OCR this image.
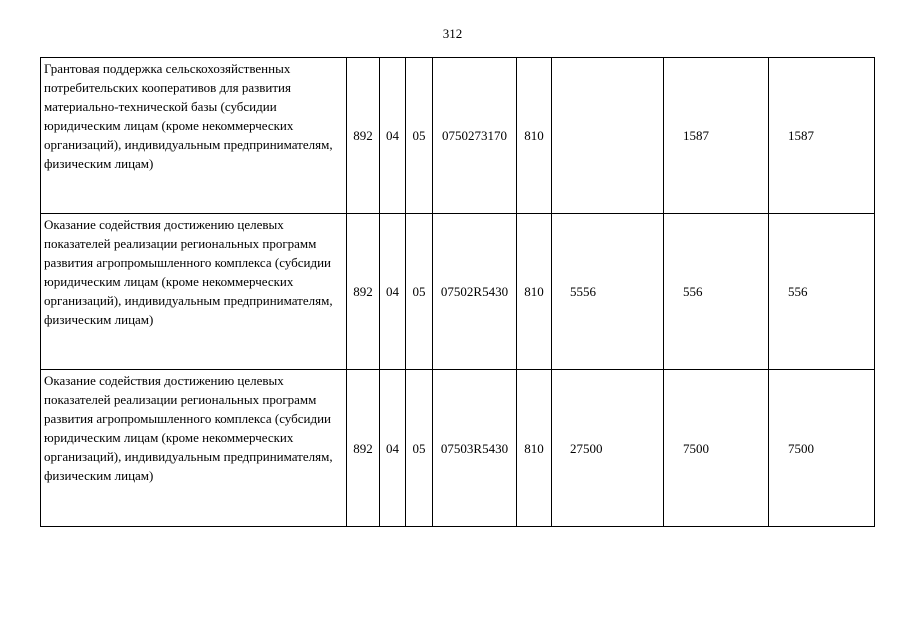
312
Грантовая поддержка сельскохозяйственных потребительских кооперативов для развития материально-технической базы (субсидии юридическим лицам (кроме некоммерческих организаций), индивидуальным предпринимателям, физическим лицам)	892	04	05	0750273170	810		1587	1587
Оказание содействия достижению целевых показателей реализации региональных программ развития агропромышленного комплекса (субсидии юридическим лицам (кроме некоммерческих организаций), индивидуальным предпринимателям, физическим лицам)	892	04	05	07502R5430	810	5556	556	556
Оказание содействия достижению целевых показателей реализации региональных программ развития агропромышленного комплекса (субсидии юридическим лицам (кроме некоммерческих организаций), индивидуальным предпринимателям, физическим лицам)	892	04	05	07503R5430	810	27500	7500	7500
